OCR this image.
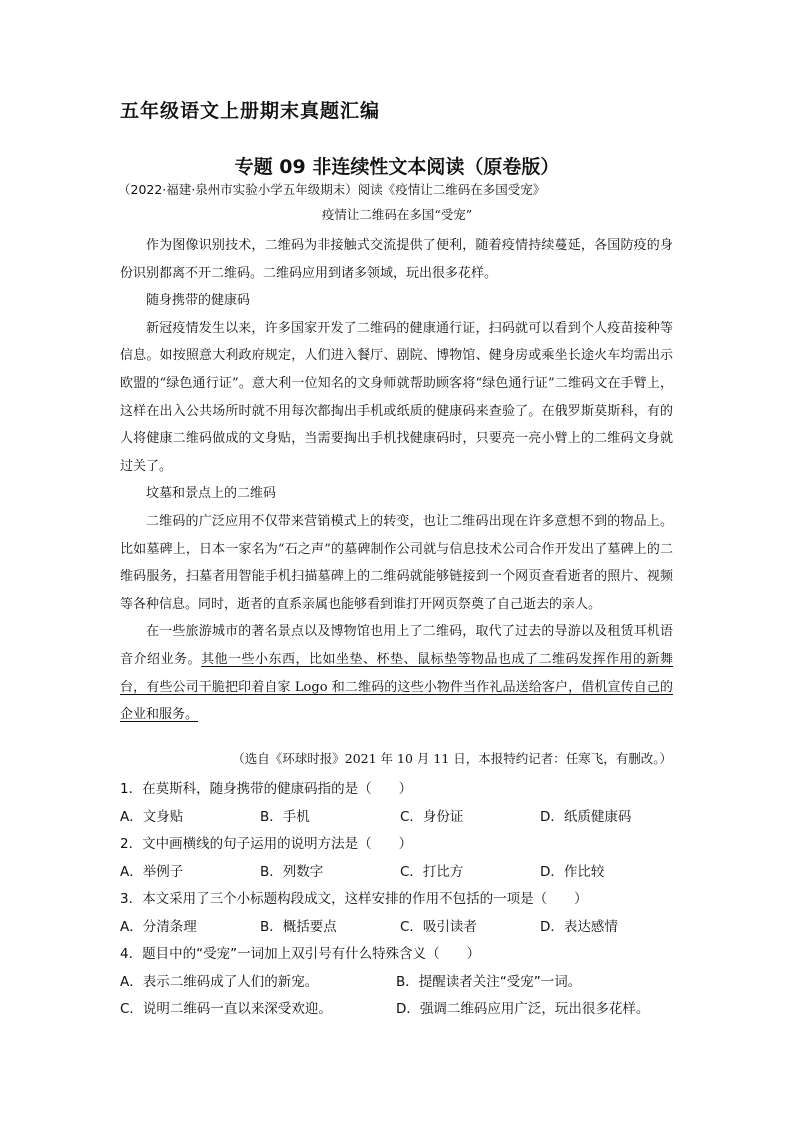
五年级语文上册期末真题汇编
专题 09 非连续性文本阅读（原卷版）
（2022·福建·泉州市实验小学五年级期末）阅读《疫情让二维码在多国受宠》
疫情让二维码在多国“受宠”

作为图像识别技术，二维码为非接触式交流提供了便利，随着疫情持续蔓延，各国防疫的身份识别都离不开二维码。二维码应用到诸多领域，玩出很多花样。

随身携带的健康码

新冠疫情发生以来，许多国家开发了二维码的健康通行证，扫码就可以看到个人疫苗接种等信息。如按照意大利政府规定，人们进入餐厅、剧院、博物馆、健身房或乘坐长途火车均需出示欧盟的“绿色通行证”。意大利一位知名的文身师就帮助顾客将“绿色通行证”二维码文在手臂上，这样在出入公共场所时就不用每次都掏出手机或纸质的健康码来查验了。在俄罗斯莫斯科，有的人将健康二维码做成的文身贴，当需要掏出手机找健康码时，只要亮一亮小臂上的二维码文身就过关了。

坟墓和景点上的二维码

二维码的广泛应用不仅带来营销模式上的转变，也让二维码出现在许多意想不到的物品上。比如墓碑上，日本一家名为“石之声”的墓碑制作公司就与信息技术公司合作开发出了墓碑上的二维码服务，扫墓者用智能手机扫描墓碑上的二维码就能够链接到一个网页查看逝者的照片、视频等各种信息。同时，逝者的直系亲属也能够看到谁打开网页祭奠了自己逝去的亲人。

在一些旅游城市的著名景点以及博物馆也用上了二维码，取代了过去的导游以及租赁耳机语音介绍业务。其他一些小东西，比如坐垫、杯垫、鼠标垫等物品也成了二维码发挥作用的新舞台，有些公司干脆把印着自家 Logo 和二维码的这些小物件当作礼品送给客户，借机宣传自己的企业和服务。

（选自《环球时报》2021 年 10 月 11 日，本报特约记者：任寒飞，有删改。）
1．在莫斯科，随身携带的健康码指的是（　　）
A．文身贴	B．手机	C．身份证	D．纸质健康码
2．文中画横线的句子运用的说明方法是（　　）
A．举例子	B．列数字	C．打比方	D．作比较
3．本文采用了三个小标题构段成文，这样安排的作用不包括的一项是（　　）
A．分清条理	B．概括要点	C．吸引读者	D．表达感情
4．题目中的“受宠”一词加上双引号有什么特殊含义（　　）
A．表示二维码成了人们的新宠。	B．提醒读者关注“受宠”一词。
C．说明二维码一直以来深受欢迎。	D．强调二维码应用广泛，玩出很多花样。
